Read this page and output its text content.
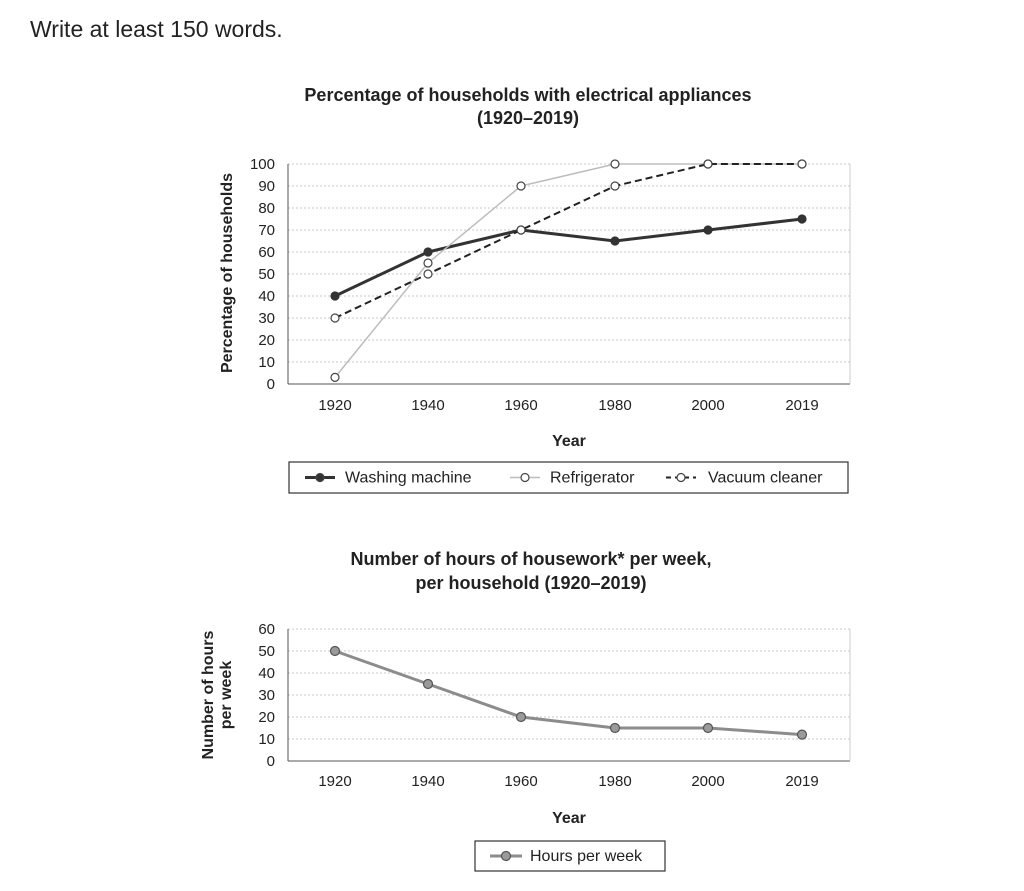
Write at least 150 words.
Percentage of households with electrical appliances
(1920–2019)
0
10
20
30
40
50
60
70
80
90
100
1920	1940	1960	1980	2000	2019
Year
Percentage of households
Washing machine	Refrigerator	Vacuum cleaner
Number of hours of housework* per week,
per household (1920–2019)
0
10
20
30
40
50
60
1920	1940	1960	1980	2000	2019
Year
Number of hours per week
Hours per week
